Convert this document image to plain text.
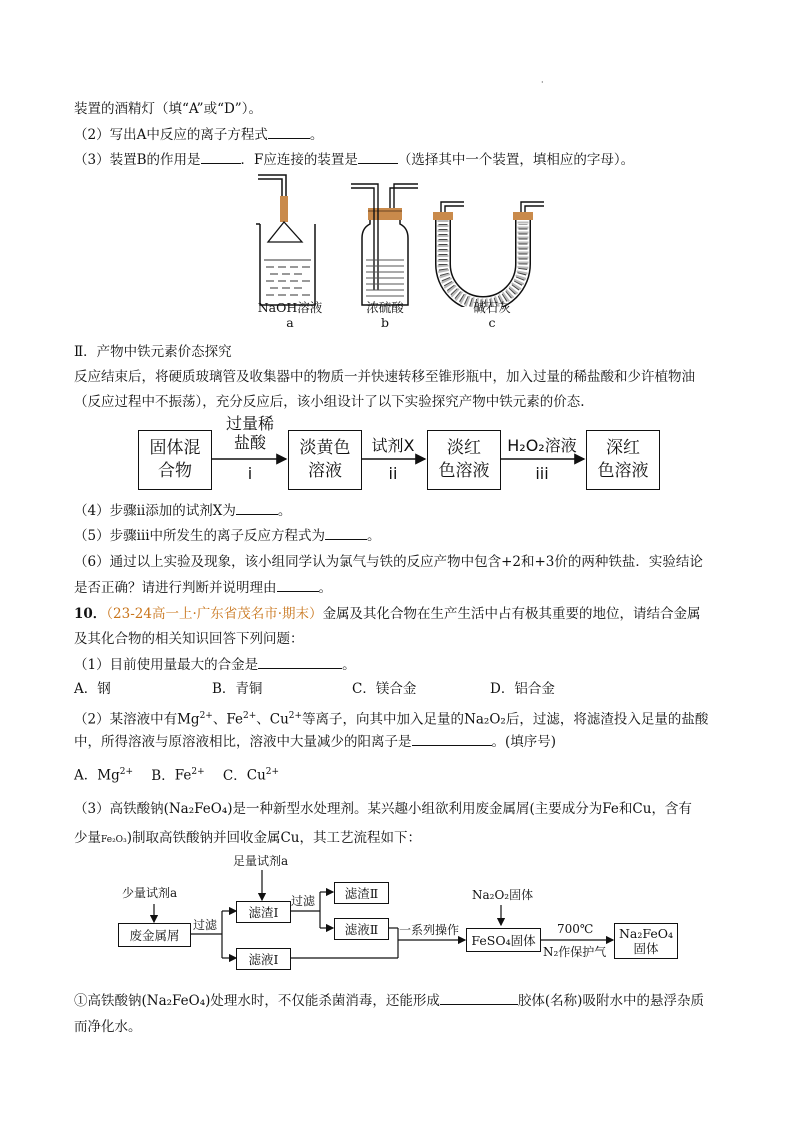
·
装置的酒精灯（填“A”或“D”）。
（2）写出A中反应的离子方程式	。
（3）装置B的作用是	．F应连接的装置是	（选择其中一个装置，填相应的字母）。
NaOH溶液
a
浓硫酸
b
碱石灰
c
Ⅱ．产物中铁元素价态探究
反应结束后，将硬质玻璃管及收集器中的物质一并快速转移至锥形瓶中，加入过量的稀盐酸和少许植物油
（反应过程中不振荡），充分反应后，该小组设计了以下实验探究产物中铁元素的价态.
固体混
合物
淡黄色
溶液
淡红
色溶液
深红
色溶液
过量稀
盐酸
i
试剂X
ii
H₂O₂溶液
iii
（4）步骤ⅱ添加的试剂X为	。
（5）步骤ⅲ中所发生的离子反应方程式为	。
（6）通过以上实验及现象，该小组同学认为氯气与铁的反应产物中包含+2和+3价的两种铁盐．实验结论
是否正确？请进行判断并说明理由	。
10．（23-24高一上·广东省茂名市·期末）金属及其化合物在生产生活中占有极其重要的地位，请结合金属
及其化合物的相关知识回答下列问题：
（1）目前使用量最大的合金是	。
A．钢	B．青铜	C．镁合金	D．铝合金
（2）某溶液中有$Mg^{2+}$、$Fe^{2+}$、$Cu^{2+}$等离子，向其中加入足量的Na₂O₂后，过滤，将滤渣投入足量的盐酸
中，所得溶液与原溶液相比，溶液中大量减少的阳离子是	。(填序号)
A．$Mg^{2+}$ B．$Fe^{2+}$ C．$Cu^{2+}$
（3）高铁酸钠(Na₂FeO₄)是一种新型水处理剂。某兴趣小组欲利用废金属屑(主要成分为Fe和Cu，含有
少量Fe₂O₃)制取高铁酸钠并回收金属Cu，其工艺流程如下：
少量试剂a
废金属屑
过滤
足量试剂a
滤渣Ⅰ
过滤
滤渣Ⅱ
滤液Ⅱ
滤液Ⅰ
一系列操作
Na₂O₂固体
FeSO₄固体
700℃
N₂作保护气
Na₂FeO₄
固体
①高铁酸钠(Na₂FeO₄)处理水时，不仅能杀菌消毒，还能形成	胶体(名称)吸附水中的悬浮杂质
而净化水。
